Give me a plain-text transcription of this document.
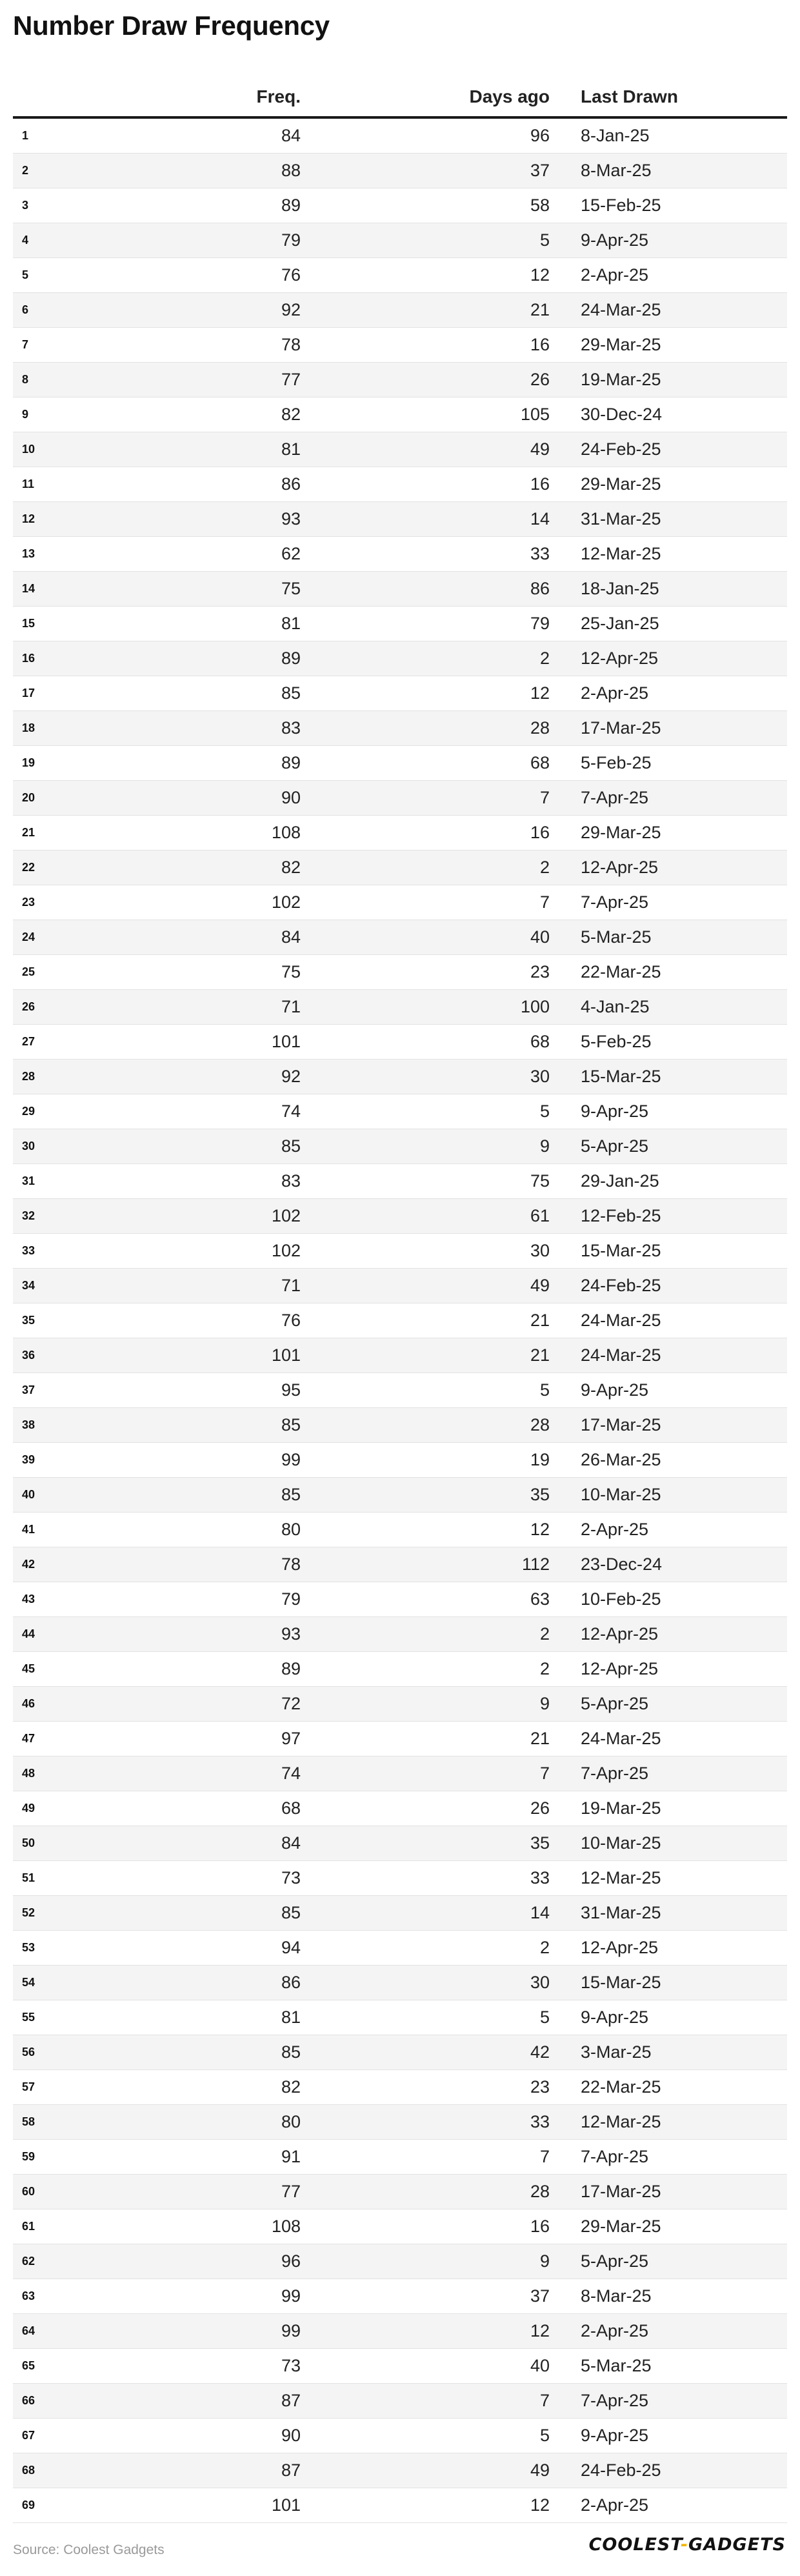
Number Draw Frequency
Freq.	Days ago Last Drawn
1	84	96 8-Jan-25
2	88	37 8-Mar-25
3	89	58 15-Feb-25
4	79	5 9-Apr-25
5	76	12 2-Apr-25
6	92	21 24-Mar-25
7	78	16 29-Mar-25
8	77	26 19-Mar-25
9	82	105 30-Dec-24
10	81	49 24-Feb-25
11	86	16 29-Mar-25
12	93	14 31-Mar-25
13	62	33 12-Mar-25
14	75	86 18-Jan-25
15	81	79 25-Jan-25
16	89	2 12-Apr-25
17	85	12 2-Apr-25
18	83	28 17-Mar-25
19	89	68 5-Feb-25
20	90	7 7-Apr-25
21	108	16 29-Mar-25
22	82	2 12-Apr-25
23	102	7 7-Apr-25
24	84	40 5-Mar-25
25	75	23 22-Mar-25
26	71	100 4-Jan-25
27	101	68 5-Feb-25
28	92	30 15-Mar-25
29	74	5 9-Apr-25
30	85	9 5-Apr-25
31	83	75 29-Jan-25
32	102	61 12-Feb-25
33	102	30 15-Mar-25
34	71	49 24-Feb-25
35	76	21 24-Mar-25
36	101	21 24-Mar-25
37	95	5 9-Apr-25
38	85	28 17-Mar-25
39	99	19 26-Mar-25
40	85	35 10-Mar-25
41	80	12 2-Apr-25
42	78	112 23-Dec-24
43	79	63 10-Feb-25
44	93	2 12-Apr-25
45	89	2 12-Apr-25
46	72	9 5-Apr-25
47	97	21 24-Mar-25
48	74	7 7-Apr-25
49	68	26 19-Mar-25
50	84	35 10-Mar-25
51	73	33 12-Mar-25
52	85	14 31-Mar-25
53	94	2 12-Apr-25
54	86	30 15-Mar-25
55	81	5 9-Apr-25
56	85	42 3-Mar-25
57	82	23 22-Mar-25
58	80	33 12-Mar-25
59	91	7 7-Apr-25
60	77	28 17-Mar-25
61	108	16 29-Mar-25
62	96	9 5-Apr-25
63	99	37 8-Mar-25
64	99	12 2-Apr-25
65	73	40 5-Mar-25
66	87	7 7-Apr-25
67	90	5 9-Apr-25
68	87	49 24-Feb-25
69	101	12 2-Apr-25
Source: Coolest Gadgets	COOLEST-GADGETS
